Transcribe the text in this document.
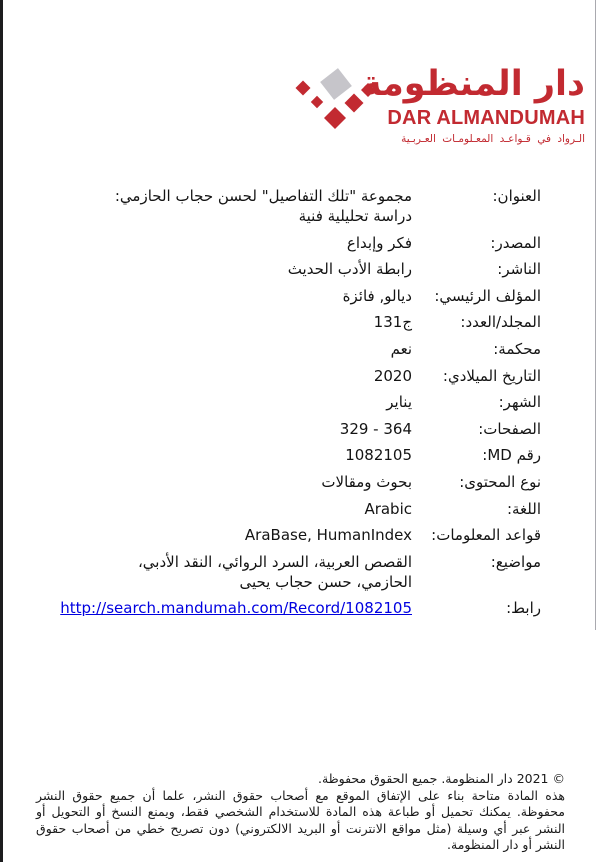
دار المنظومة
DAR ALMANDUMAH
الـرواد في قـواعـد المعـلومـات العـربـية
العنوان:
مجموعة "تلك التفاصيل" لحسن حجاب الحازمي: دراسة تحليلية فنية
المصدر:
فكر وإبداع
الناشر:
رابطة الأدب الحديث
المؤلف الرئيسي:
ديالو, فائزة
المجلد/العدد:
ج131
محكمة:
نعم
التاريخ الميلادي:
2020
الشهر:
يناير
الصفحات:
329 - 364
رقم MD:
1082105
نوع المحتوى:
بحوث ومقالات
اللغة:
Arabic
قواعد المعلومات:
AraBase, HumanIndex
مواضيع:
القصص العربية، السرد الروائي، النقد الأدبي، الحازمي، حسن حجاب يحيى
رابط:
http://search.mandumah.com/Record/1082105
© 2021 دار المنظومة. جميع الحقوق محفوظة.
هذه المادة متاحة بناء على الإتفاق الموقع مع أصحاب حقوق النشر، علما أن جميع حقوق النشر محفوظة. يمكنك تحميل أو طباعة هذه المادة للاستخدام الشخصي فقط، ويمنع النسخ أو التحويل أو النشر عبر أي وسيلة (مثل مواقع الانترنت أو البريد الالكتروني) دون تصريح خطي من أصحاب حقوق النشر أو دار المنظومة.
